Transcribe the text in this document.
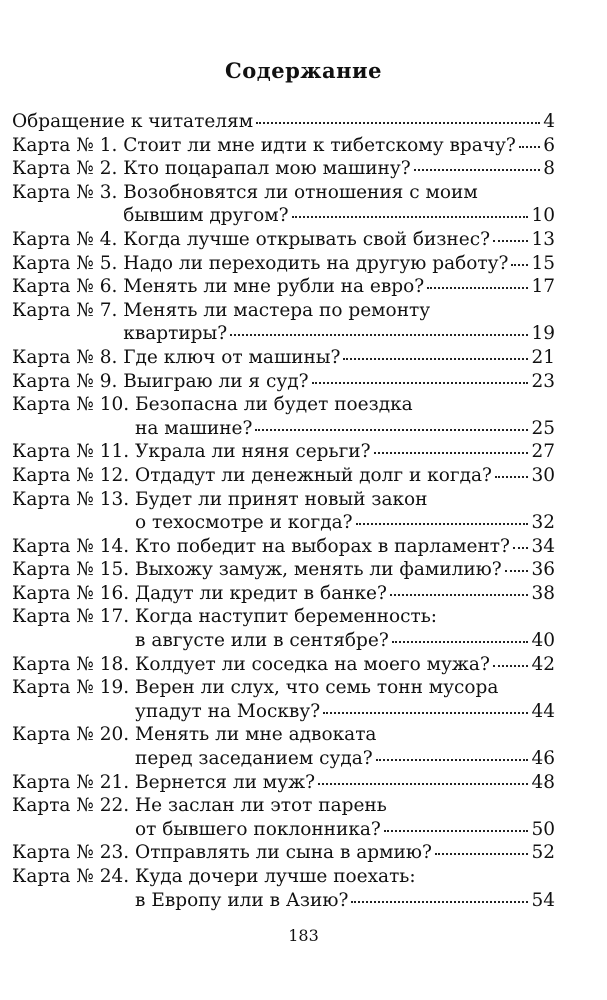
Содержание
Обращение к читателям	4
Карта № 1. Стоит ли мне идти к тибетскому врачу? 6
Карта № 2. Кто поцарапал мою машину?	8
Карта № 3. Возобновятся ли отношения с моим
бывшим другом?	10
Карта № 4. Когда лучше открывать свой бизнес? 13
Карта № 5. Надо ли переходить на другую работу? 15
Карта № 6. Менять ли мне рубли на евро?	17
Карта № 7. Менять ли мастера по ремонту
квартиры?	19
Карта № 8. Где ключ от машины?	21
Карта № 9. Выиграю ли я суд?	23
Карта № 10. Безопасна ли будет поездка
на машине?	25
Карта № 11. Украла ли няня серьги?	27
Карта № 12. Отдадут ли денежный долг и когда? 30
Карта № 13. Будет ли принят новый закон
о техосмотре и когда?	32
Карта № 14. Кто победит на выборах в парламент? 34
Карта № 15. Выхожу замуж, менять ли фамилию? 36
Карта № 16. Дадут ли кредит в банке?	38
Карта № 17. Когда наступит беременность:
в августе или в сентябре?	40
Карта № 18. Колдует ли соседка на моего мужа? 42
Карта № 19. Верен ли слух, что семь тонн мусора
упадут на Москву?	44
Карта № 20. Менять ли мне адвоката
перед заседанием суда?	46
Карта № 21. Вернется ли муж?	48
Карта № 22. Не заслан ли этот парень
от бывшего поклонника?	50
Карта № 23. Отправлять ли сына в армию?	52
Карта № 24. Куда дочери лучше поехать:
в Европу или в Азию?	54
183
